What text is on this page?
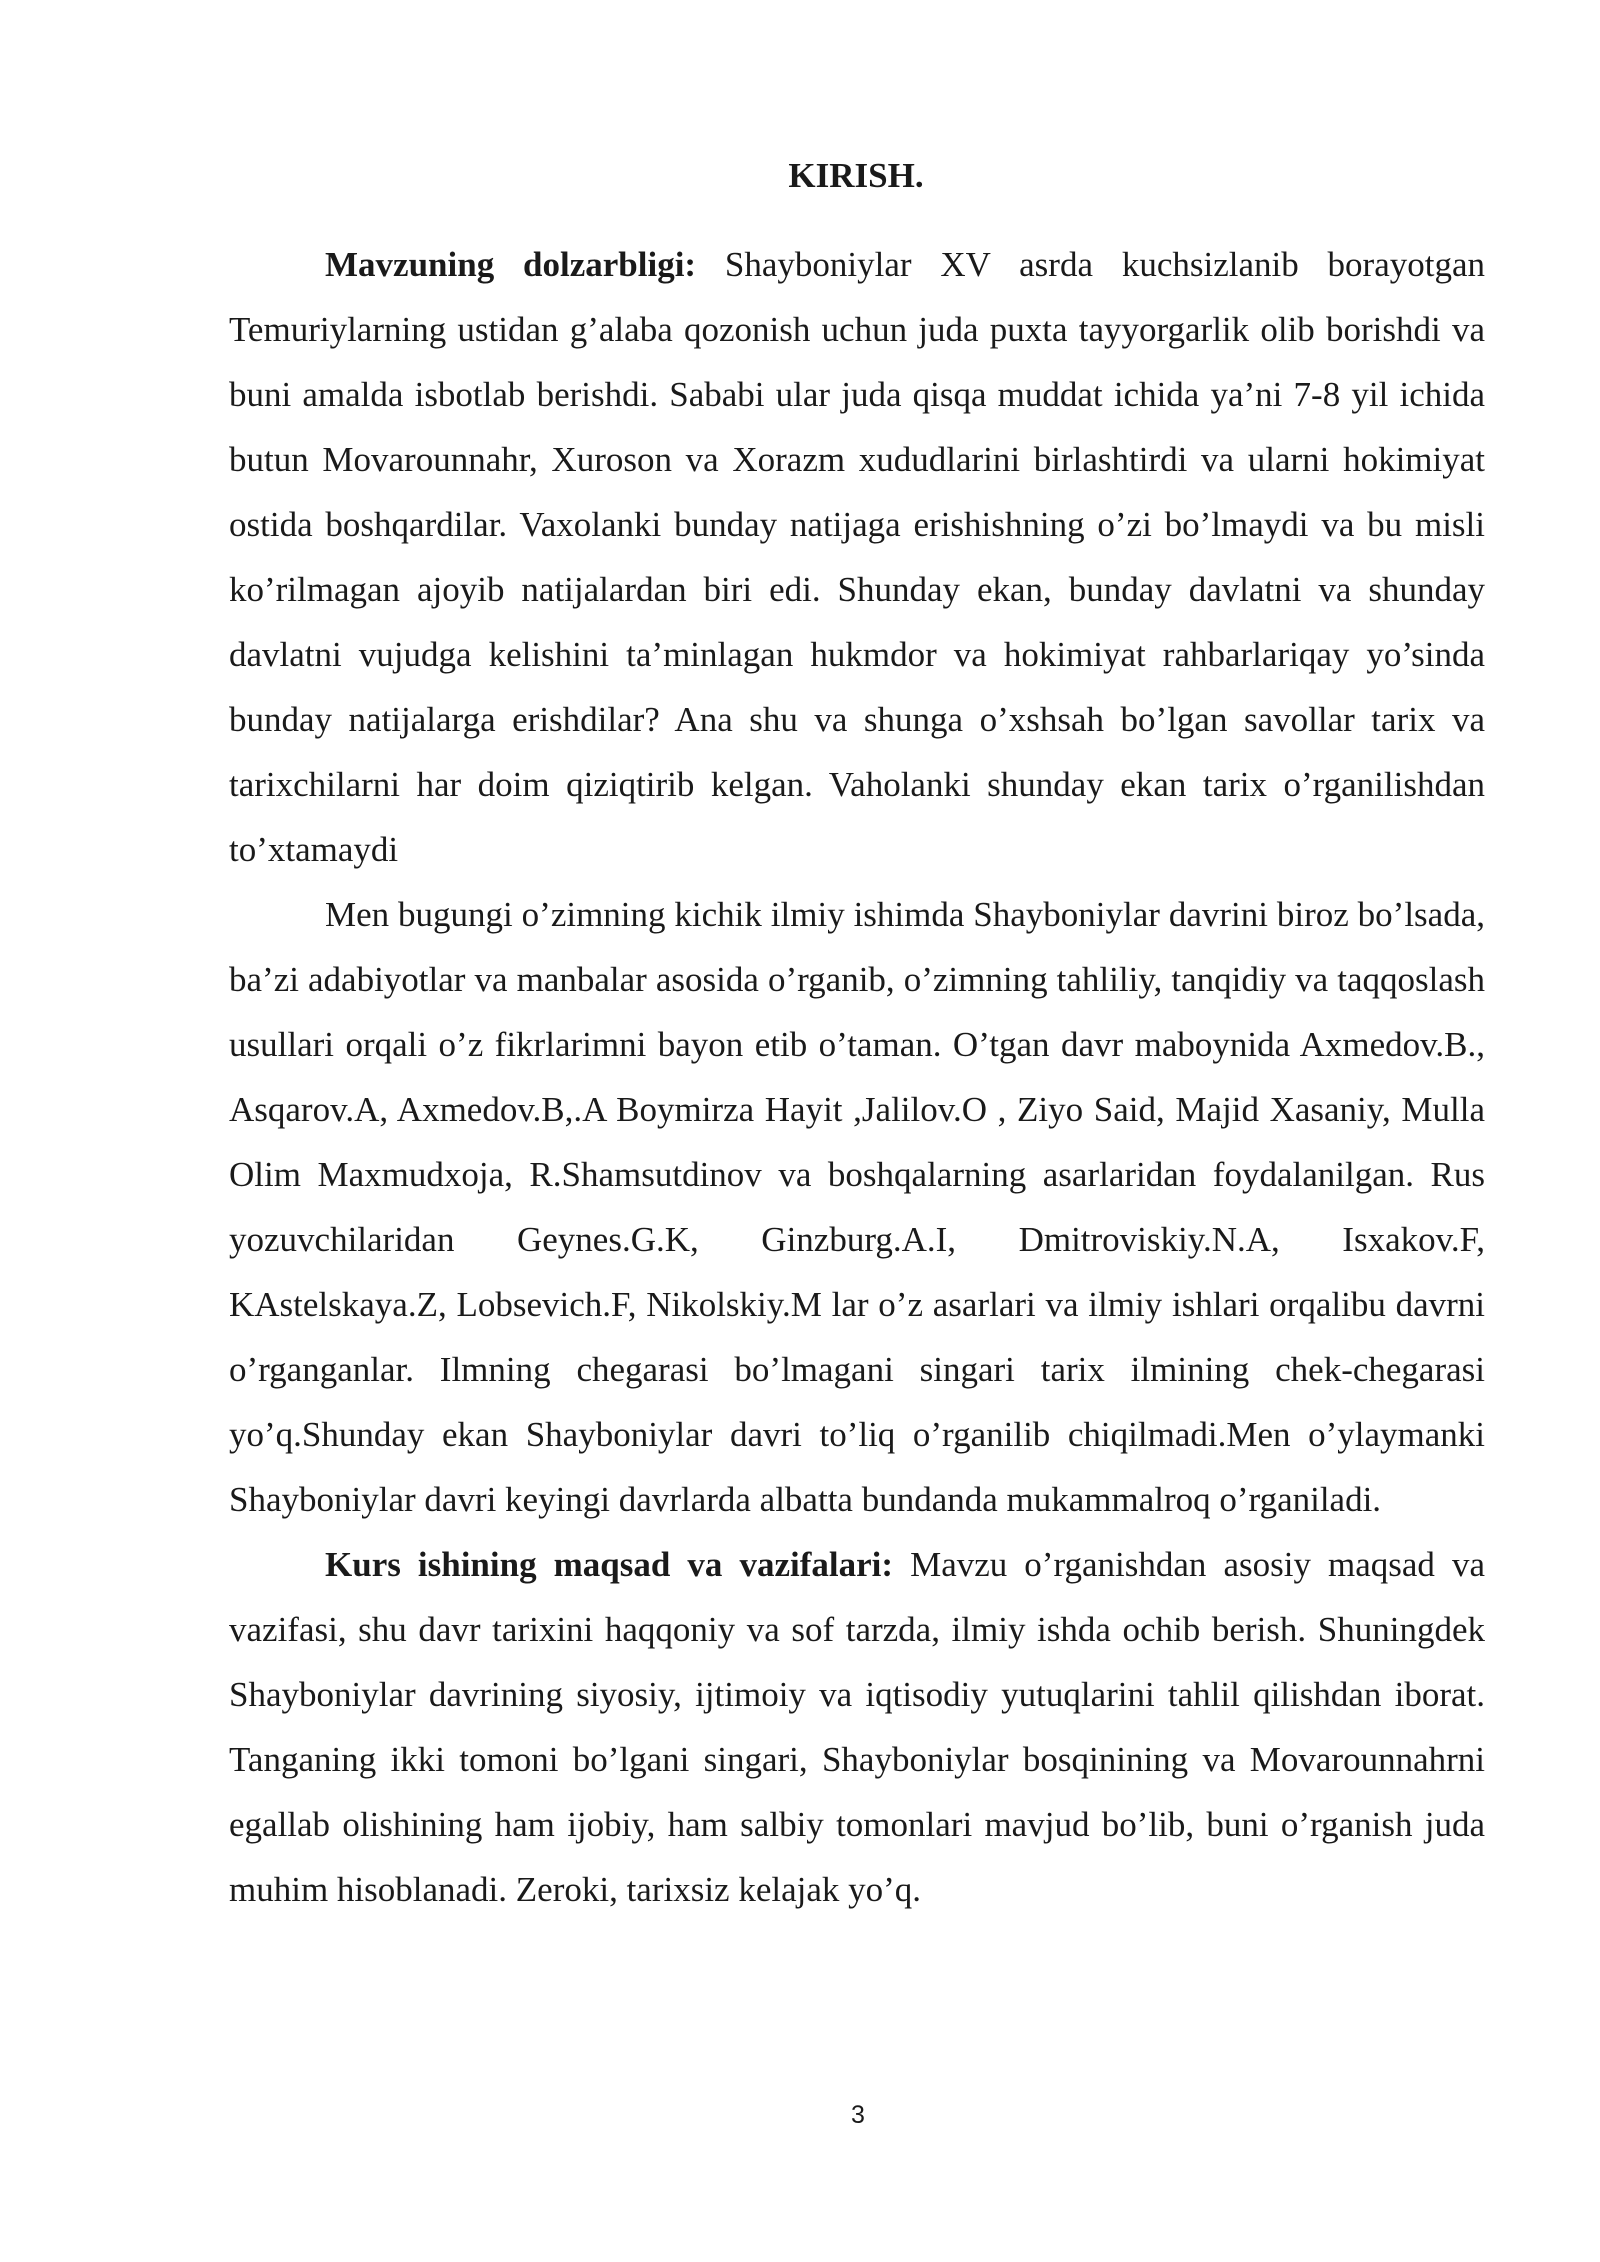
KIRISH.

Mavzuning dolzarbligi: Shayboniylar XV asrda kuchsizlanib borayotgan Temuriylarning ustidan g’alaba qozonish uchun juda puxta tayyorgarlik olib borishdi va buni amalda isbotlab berishdi. Sababi ular juda qisqa muddat ichida ya’ni 7-8 yil ichida butun Movarounnahr, Xuroson va Xorazm xududlarini birlashtirdi va ularni hokimiyat ostida boshqardilar. Vaxolanki bunday natijaga erishishning o’zi bo’lmaydi va bu misli ko’rilmagan ajoyib natijalardan biri edi. Shunday ekan, bunday davlatni va shunday davlatni vujudga kelishini ta’minlagan hukmdor va hokimiyat rahbarlariqay yo’sinda bunday natijalarga erishdilar? Ana shu va shunga o’xshsah bo’lgan savollar tarix va tarixchilarni har doim qiziqtirib kelgan. Vaholanki shunday ekan tarix o’rganilishdan to’xtamaydi

Men bugungi o’zimning kichik ilmiy ishimda Shayboniylar davrini biroz bo’lsada, ba’zi adabiyotlar va manbalar asosida o’rganib, o’zimning tahliliy, tanqidiy va taqqoslash usullari orqali o’z fikrlarimni bayon etib o’taman. O’tgan davr maboynida Axmedov.B., Asqarov.A, Axmedov.B,.A Boymirza Hayit ,Jalilov.O , Ziyo Said, Majid Xasaniy, Mulla Olim Maxmudxoja, R.Shamsutdinov va boshqalarning asarlaridan foydalanilgan. Rus yozuvchilaridan Geynes.G.K, Ginzburg.A.I, Dmitroviskiy.N.A, Isxakov.F, KAstelskaya.Z, Lobsevich.F, Nikolskiy.M lar o’z asarlari va ilmiy ishlari orqalibu davrni o’rganganlar. Ilmning chegarasi bo’lmagani singari tarix ilmining chek-chegarasi yo’q.Shunday ekan Shayboniylar davri to’liq o’rganilib chiqilmadi.Men o’ylaymanki Shayboniylar davri keyingi davrlarda albatta bundanda mukammalroq o’rganiladi.

Kurs ishining maqsad va vazifalari: Mavzu o’rganishdan asosiy maqsad va vazifasi, shu davr tarixini haqqoniy va sof tarzda, ilmiy ishda ochib berish. Shuningdek Shayboniylar davrining siyosiy, ijtimoiy va iqtisodiy yutuqlarini tahlil qilishdan iborat. Tanganing ikki tomoni bo’lgani singari, Shayboniylar bosqinining va Movarounnahrni egallab olishining ham ijobiy, ham salbiy tomonlari mavjud bo’lib, buni o’rganish juda muhim hisoblanadi. Zeroki, tarixsiz kelajak yo’q.

3
